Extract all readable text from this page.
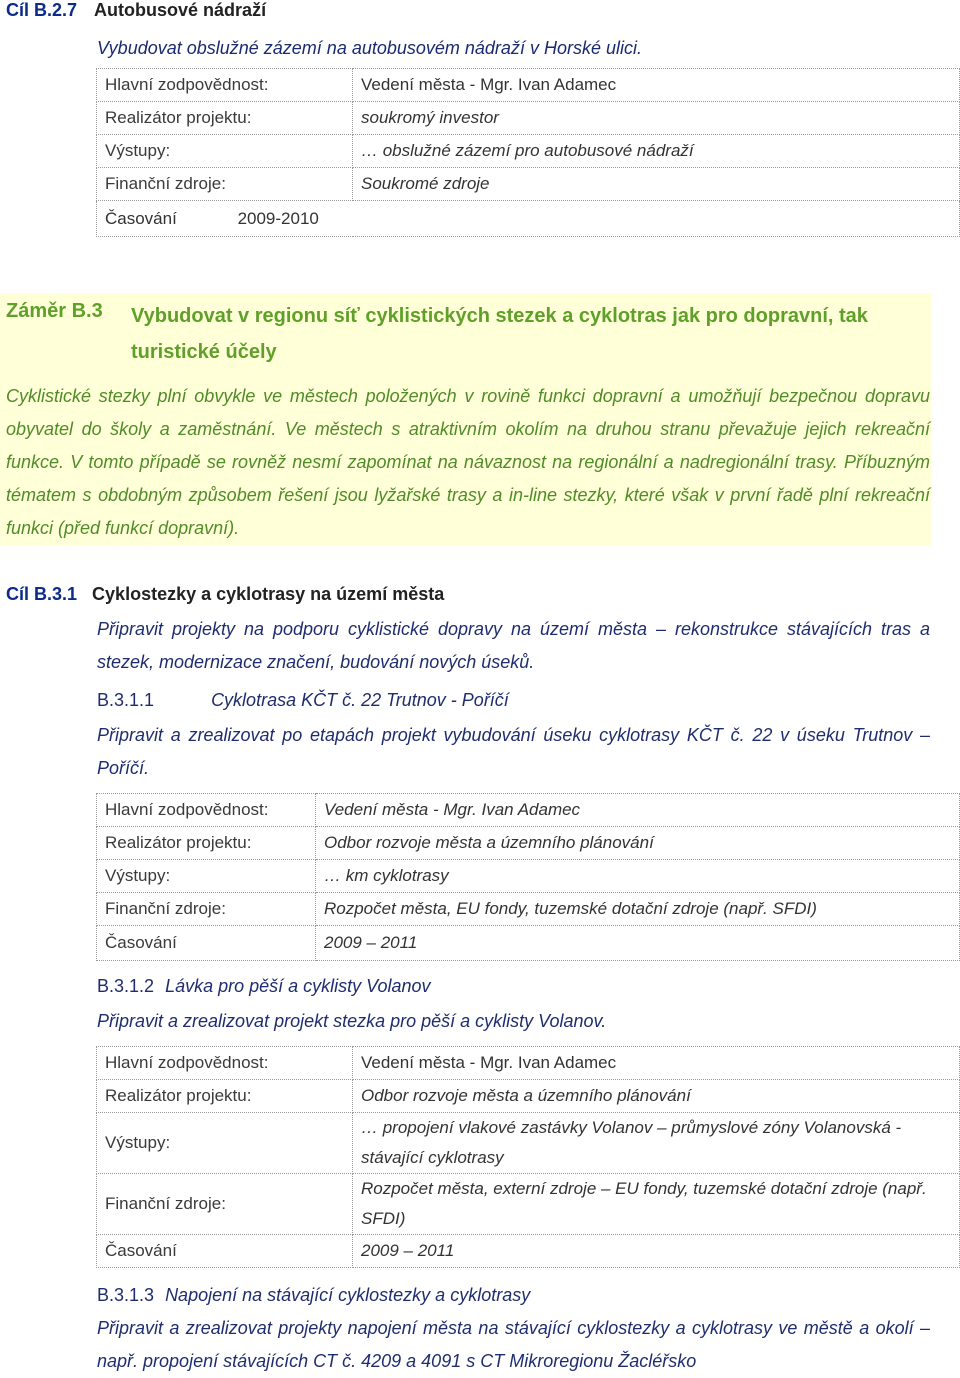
Cíl B.2.7 Autobusové nádraží
Vybudovat obslužné zázemí na autobusovém nádraží v Horské ulici.
Hlavní zodpovědnost:	Vedení města - Mgr. Ivan Adamec
Realizátor projektu:	soukromý investor
Výstupy:	… obslužné zázemí pro autobusové nádraží
Finanční zdroje:	Soukromé zdroje
Časování 2009-2010	
Záměr B.3 Vybudovat v regionu síť cyklistických stezek a cyklotras jak pro dopravní, tak turistické účely
Cyklistické stezky plní obvykle ve městech položených v rovině funkci dopravní a umožňují bezpečnou dopravu obyvatel do školy a zaměstnání. Ve městech s atraktivním okolím na druhou stranu převažuje jejich rekreační funkce. V tomto případě se rovněž nesmí zapomínat na návaznost na regionální a nadregionální trasy. Příbuzným tématem s obdobným způsobem řešení jsou lyžařské trasy a in-line stezky, které však v první řadě plní rekreační funkci (před funkcí dopravní).
Cíl B.3.1 Cyklostezky a cyklotrasy na území města
Připravit projekty na podporu cyklistické dopravy na území města – rekonstrukce stávajících tras a stezek, modernizace značení, budování nových úseků.
B.3.1.1	Cyklotrasa KČT č. 22 Trutnov - Poříčí
Připravit a zrealizovat po etapách projekt vybudování úseku cyklotrasy KČT č. 22 v úseku Trutnov – Poříčí.
Hlavní zodpovědnost:	Vedení města - Mgr. Ivan Adamec
Realizátor projektu:	Odbor rozvoje města a územního plánování
Výstupy:	… km cyklotrasy
Finanční zdroje:	Rozpočet města, EU fondy, tuzemské dotační zdroje (např. SFDI)
Časování	2009 – 2011
B.3.1.2 Lávka pro pěší a cyklisty Volanov
Připravit a zrealizovat projekt stezka pro pěší a cyklisty Volanov.
Hlavní zodpovědnost:	Vedení města - Mgr. Ivan Adamec
Realizátor projektu:	Odbor rozvoje města a územního plánování
Výstupy:	… propojení vlakové zastávky Volanov – průmyslové zóny Volanovská - stávající cyklotrasy
Finanční zdroje:	Rozpočet města, externí zdroje – EU fondy, tuzemské dotační zdroje (např. SFDI)
Časování	2009 – 2011
B.3.1.3 Napojení na stávající cyklostezky a cyklotrasy
Připravit a zrealizovat projekty napojení města na stávající cyklostezky a cyklotrasy ve městě a okolí – např. propojení stávajících CT č. 4209 a 4091 s CT Mikroregionu Žacléřsko
